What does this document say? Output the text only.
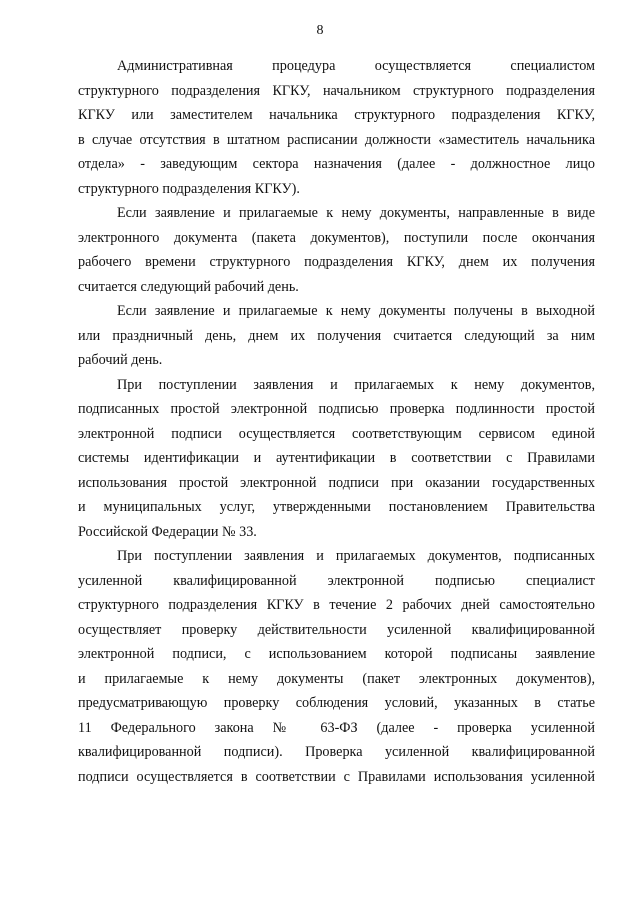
8
Административная процедура осуществляется специалистом
структурного подразделения КГКУ, начальником структурного подразделения
КГКУ или заместителем начальника структурного подразделения КГКУ,
в случае отсутствия в штатном расписании должности «заместитель начальника
отдела» - заведующим сектора назначения (далее - должностное лицо
структурного подразделения КГКУ).
Если заявление и прилагаемые к нему документы, направленные в виде
электронного документа (пакета документов), поступили после окончания
рабочего времени структурного подразделения КГКУ, днем их получения
считается следующий рабочий день.
Если заявление и прилагаемые к нему документы получены в выходной
или праздничный день, днем их получения считается следующий за ним
рабочий день.
При поступлении заявления и прилагаемых к нему документов,
подписанных простой электронной подписью проверка подлинности простой
электронной подписи осуществляется соответствующим сервисом единой
системы идентификации и аутентификации в соответствии с Правилами
использования простой электронной подписи при оказании государственных
и муниципальных услуг, утвержденными постановлением Правительства
Российской Федерации № 33.
При поступлении заявления и прилагаемых документов, подписанных
усиленной квалифицированной электронной подписью специалист
структурного подразделения КГКУ в течение 2 рабочих дней самостоятельно
осуществляет проверку действительности усиленной квалифицированной
электронной подписи, с использованием которой подписаны заявление
и прилагаемые к нему документы (пакет электронных документов),
предусматривающую проверку соблюдения условий, указанных в статье
11 Федерального закона № 63-ФЗ (далее - проверка усиленной
квалифицированной подписи). Проверка усиленной квалифицированной
подписи осуществляется в соответствии с Правилами использования усиленной
